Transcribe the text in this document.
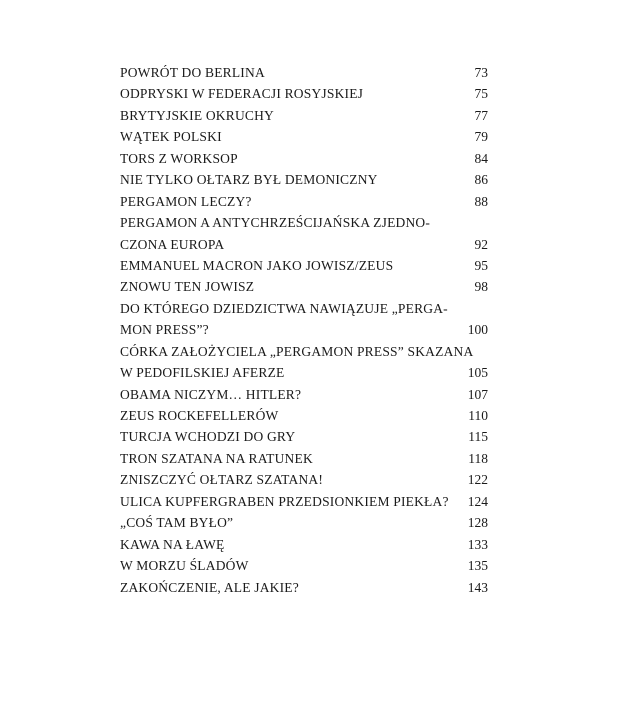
POWRÓT DO BERLINA	73
ODPRYSKI W FEDERACJI ROSYJSKIEJ	75
BRYTYJSKIE OKRUCHY	77
WĄTEK POLSKI	79
TORS Z WORKSOP	84
NIE TYLKO OŁTARZ BYŁ DEMONICZNY	86
PERGAMON LECZY?	88
PERGAMON A ANTYCHRZEŚCIJAŃSKA ZJEDNO-
CZONA EUROPA	92
EMMANUEL MACRON JAKO JOWISZ/ZEUS	95
ZNOWU TEN JOWISZ	98
DO KTÓREGO DZIEDZICTWA NAWIĄZUJE „PERGA-
MON PRESS”?	100
CÓRKA ZAŁOŻYCIELA „PERGAMON PRESS” SKAZANA
W PEDOFILSKIEJ AFERZE	105
OBAMA NICZYM… HITLER?	107
ZEUS ROCKEFELLERÓW	110
TURCJA WCHODZI DO GRY	115
TRON SZATANA NA RATUNEK	118
ZNISZCZYĆ OŁTARZ SZATANA!	122
ULICA KUPFERGRABEN PRZEDSIONKIEM PIEKŁA?	124
„COŚ TAM BYŁO”	128
KAWA NA ŁAWĘ	133
W MORZU ŚLADÓW	135
ZAKOŃCZENIE, ALE JAKIE?	143
